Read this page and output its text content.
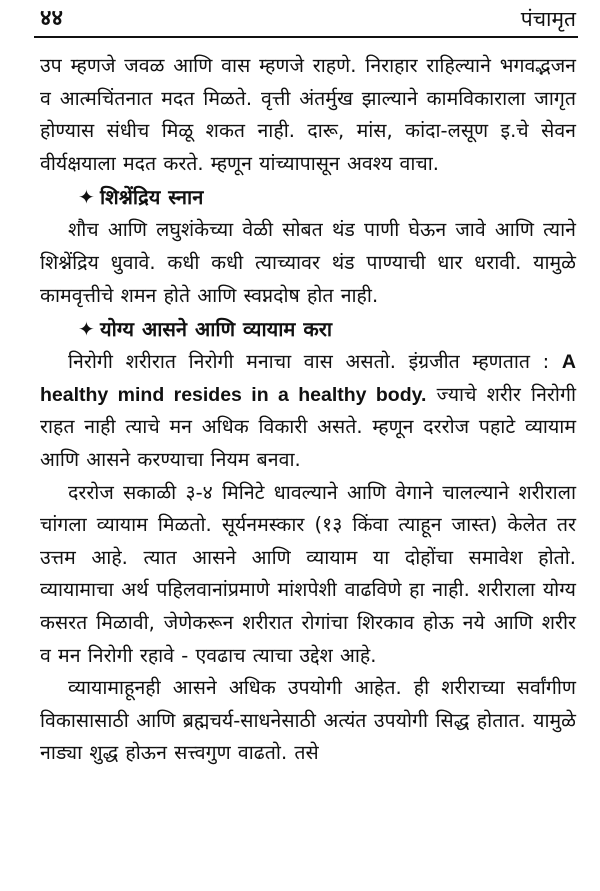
४४	पंचामृत

उप म्हणजे जवळ आणि वास म्हणजे राहणे. निराहार राहिल्याने भगवद्भजन व आत्मचिंतनात मदत मिळते. वृत्ती अंतर्मुख झाल्याने कामविकाराला जागृत होण्यास संधीच मिळू शकत नाही. दारू, मांस, कांदा-लसूण इ.चे सेवन वीर्यक्षयाला मदत करते. म्हणून यांच्यापासून अवश्य वाचा.

✦ शिश्नेंद्रिय स्नान

शौच आणि लघुशंकेच्या वेळी सोबत थंड पाणी घेऊन जावे आणि त्याने शिश्नेंद्रिय धुवावे. कधी कधी त्याच्यावर थंड पाण्याची धार धरावी. यामुळे कामवृत्तीचे शमन होते आणि स्वप्नदोष होत नाही.

✦ योग्य आसने आणि व्यायाम करा

निरोगी शरीरात निरोगी मनाचा वास असतो. इंग्रजीत म्हणतात : A healthy mind resides in a healthy body. ज्याचे शरीर निरोगी राहत नाही त्याचे मन अधिक विकारी असते. म्हणून दररोज पहाटे व्यायाम आणि आसने करण्याचा नियम बनवा.

दररोज सकाळी ३-४ मिनिटे धावल्याने आणि वेगाने चालल्याने शरीराला चांगला व्यायाम मिळतो. सूर्यनमस्कार (१३ किंवा त्याहून जास्त) केलेत तर उत्तम आहे. त्यात आसने आणि व्यायाम या दोहोंचा समावेश होतो. व्यायामाचा अर्थ पहिलवानांप्रमाणे मांशपेशी वाढविणे हा नाही. शरीराला योग्य कसरत मिळावी, जेणेकरून शरीरात रोगांचा शिरकाव होऊ नये आणि शरीर व मन निरोगी रहावे - एवढाच त्याचा उद्देश आहे.

व्यायामाहूनही आसने अधिक उपयोगी आहेत. ही शरीराच्या सर्वांगीण विकासासाठी आणि ब्रह्मचर्य-साधनेसाठी अत्यंत उपयोगी सिद्ध होतात. यामुळे नाड्या शुद्ध होऊन सत्त्वगुण वाढतो. तसे
